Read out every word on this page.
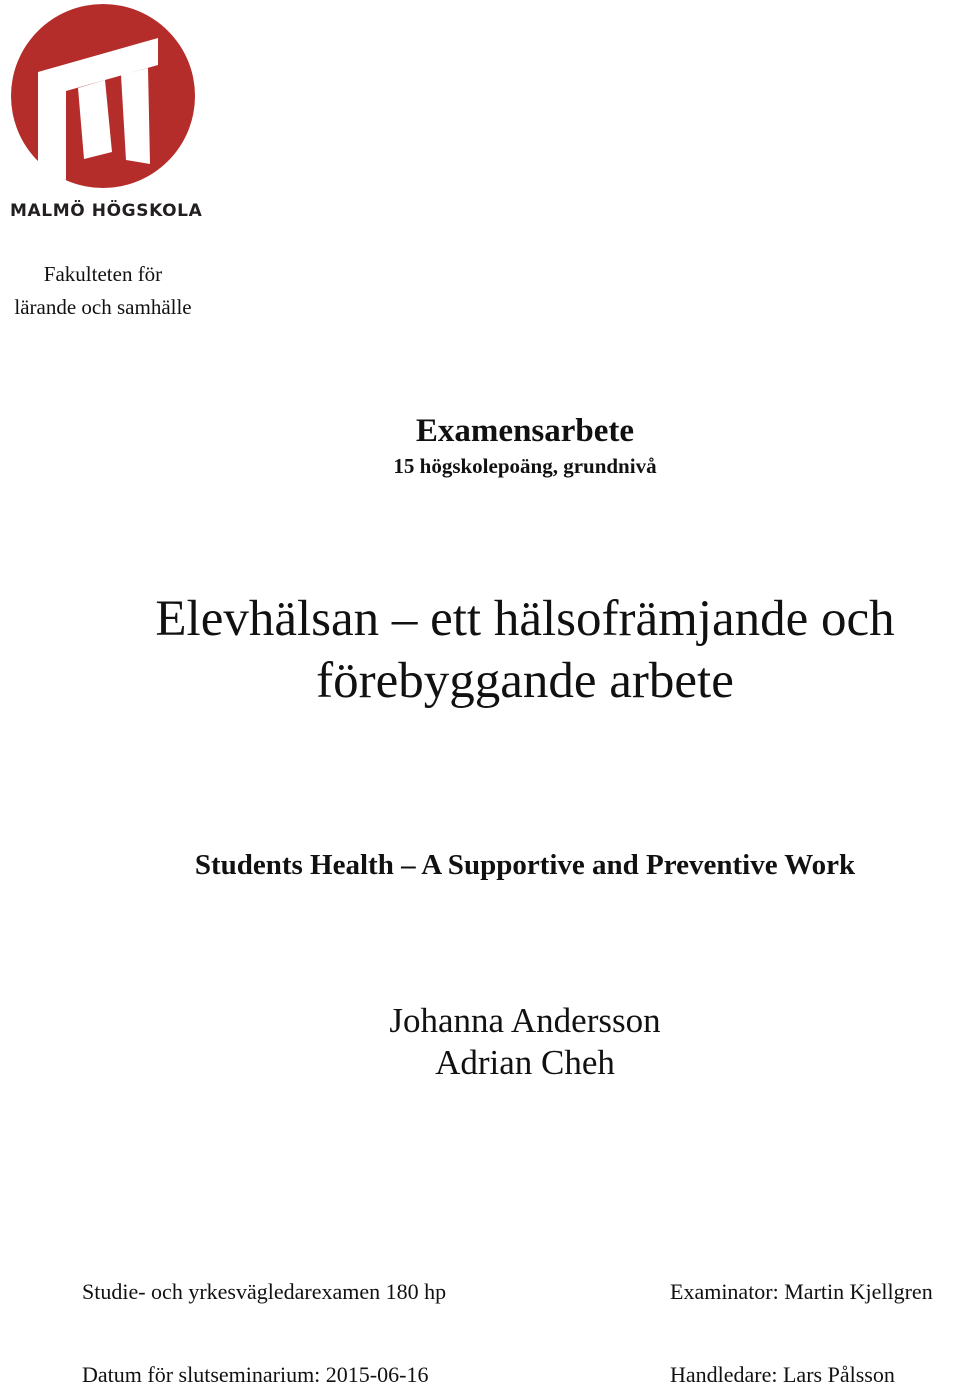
MALMÖ HÖGSKOLA
Fakulteten för
lärande och samhälle
Examensarbete
15 högskolepoäng, grundnivå
Elevhälsan – ett hälsofrämjande och
förebyggande arbete
Students Health – A Supportive and Preventive Work
Johanna Andersson
Adrian Cheh
Studie- och yrkesvägledarexamen 180 hp
Datum för slutseminarium: 2015-06-16
Examinator: Martin Kjellgren
Handledare: Lars Pålsson
